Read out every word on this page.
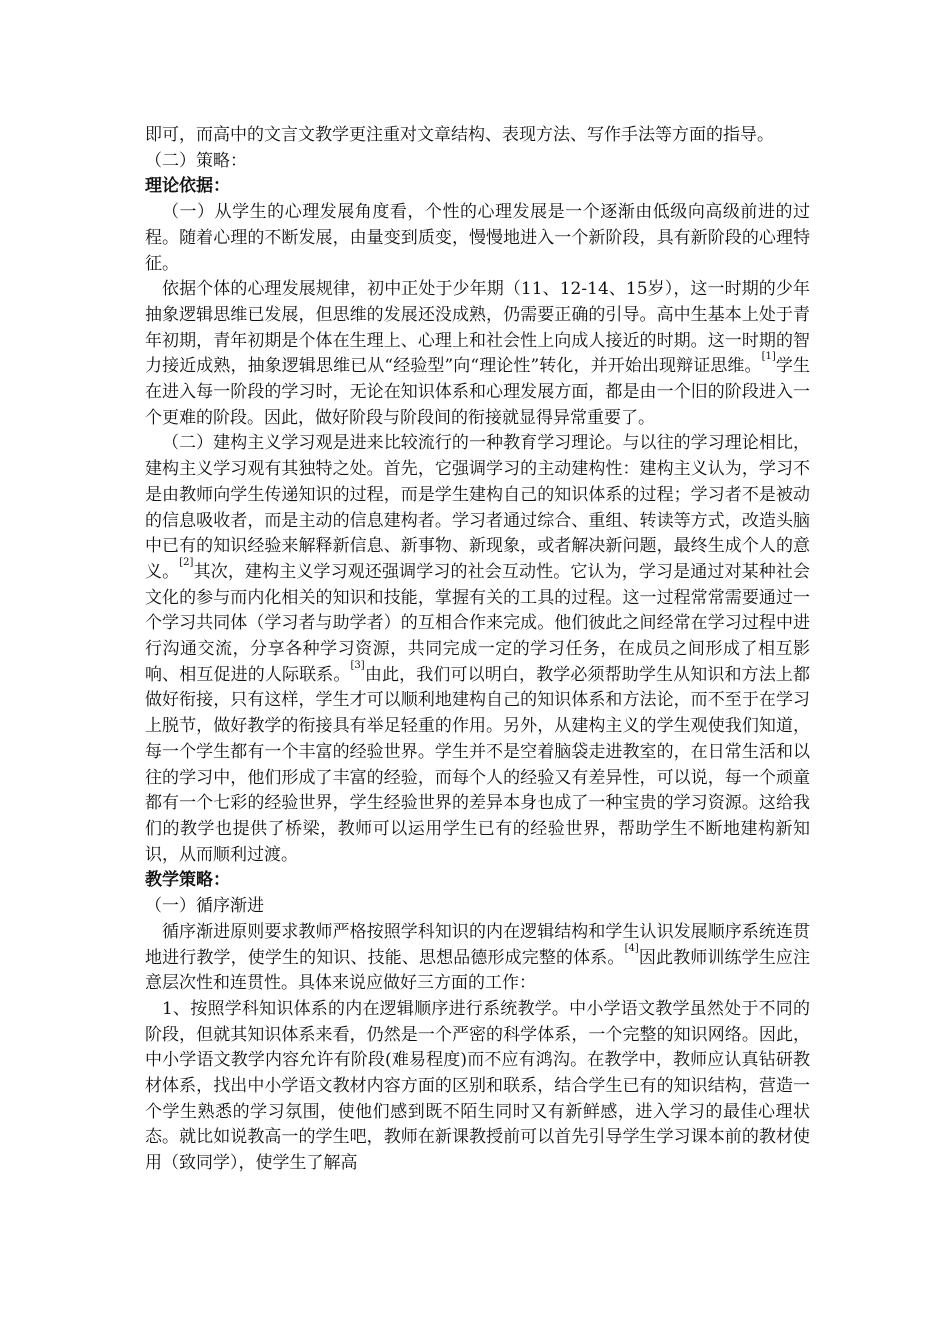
即可，而高中的文言文教学更注重对文章结构、表现方法、写作手法等方面的指导。

（二）策略：

理论依据：

（一）从学生的心理发展角度看，个性的心理发展是一个逐渐由低级向高级前进的过程。随着心理的不断发展，由量变到质变，慢慢地进入一个新阶段，具有新阶段的心理特征。

依据个体的心理发展规律，初中正处于少年期（11、12-14、15岁），这一时期的少年抽象逻辑思维已发展，但思维的发展还没成熟，仍需要正确的引导。高中生基本上处于青年初期，青年初期是个体在生理上、心理上和社会性上向成人接近的时期。这一时期的智力接近成熟，抽象逻辑思维已从“经验型”向“理论性”转化，并开始出现辩证思维。[1]学生在进入每一阶段的学习时，无论在知识体系和心理发展方面，都是由一个旧的阶段进入一个更难的阶段。因此，做好阶段与阶段间的衔接就显得异常重要了。

（二）建构主义学习观是进来比较流行的一种教育学习理论。与以往的学习理论相比，建构主义学习观有其独特之处。首先，它强调学习的主动建构性：建构主义认为，学习不是由教师向学生传递知识的过程，而是学生建构自己的知识体系的过程；学习者不是被动的信息吸收者，而是主动的信息建构者。学习者通过综合、重组、转读等方式，改造头脑中已有的知识经验来解释新信息、新事物、新现象，或者解决新问题，最终生成个人的意义。[2]其次，建构主义学习观还强调学习的社会互动性。它认为，学习是通过对某种社会文化的参与而内化相关的知识和技能，掌握有关的工具的过程。这一过程常常需要通过一个学习共同体（学习者与助学者）的互相合作来完成。他们彼此之间经常在学习过程中进行沟通交流，分享各种学习资源，共同完成一定的学习任务，在成员之间形成了相互影响、相互促进的人际联系。[3]由此，我们可以明白，教学必须帮助学生从知识和方法上都做好衔接，只有这样，学生才可以顺利地建构自己的知识体系和方法论，而不至于在学习上脱节，做好教学的衔接具有举足轻重的作用。另外，从建构主义的学生观使我们知道，每一个学生都有一个丰富的经验世界。学生并不是空着脑袋走进教室的，在日常生活和以往的学习中，他们形成了丰富的经验，而每个人的经验又有差异性，可以说，每一个顽童都有一个七彩的经验世界，学生经验世界的差异本身也成了一种宝贵的学习资源。这给我们的教学也提供了桥梁，教师可以运用学生已有的经验世界，帮助学生不断地建构新知识，从而顺利过渡。

教学策略：

（一）循序渐进

循序渐进原则要求教师严格按照学科知识的内在逻辑结构和学生认识发展顺序系统连贯地进行教学，使学生的知识、技能、思想品德形成完整的体系。[4]因此教师训练学生应注意层次性和连贯性。具体来说应做好三方面的工作：

1、按照学科知识体系的内在逻辑顺序进行系统教学。中小学语文教学虽然处于不同的阶段，但就其知识体系来看，仍然是一个严密的科学体系，一个完整的知识网络。因此，中小学语文教学内容允许有阶段(难易程度)而不应有鸿沟。在教学中，教师应认真钻研教材体系，找出中小学语文教材内容方面的区别和联系，结合学生已有的知识结构，营造一个学生熟悉的学习氛围，使他们感到既不陌生同时又有新鲜感，进入学习的最佳心理状态。就比如说教高一的学生吧，教师在新课教授前可以首先引导学生学习课本前的教材使用（致同学），使学生了解高
